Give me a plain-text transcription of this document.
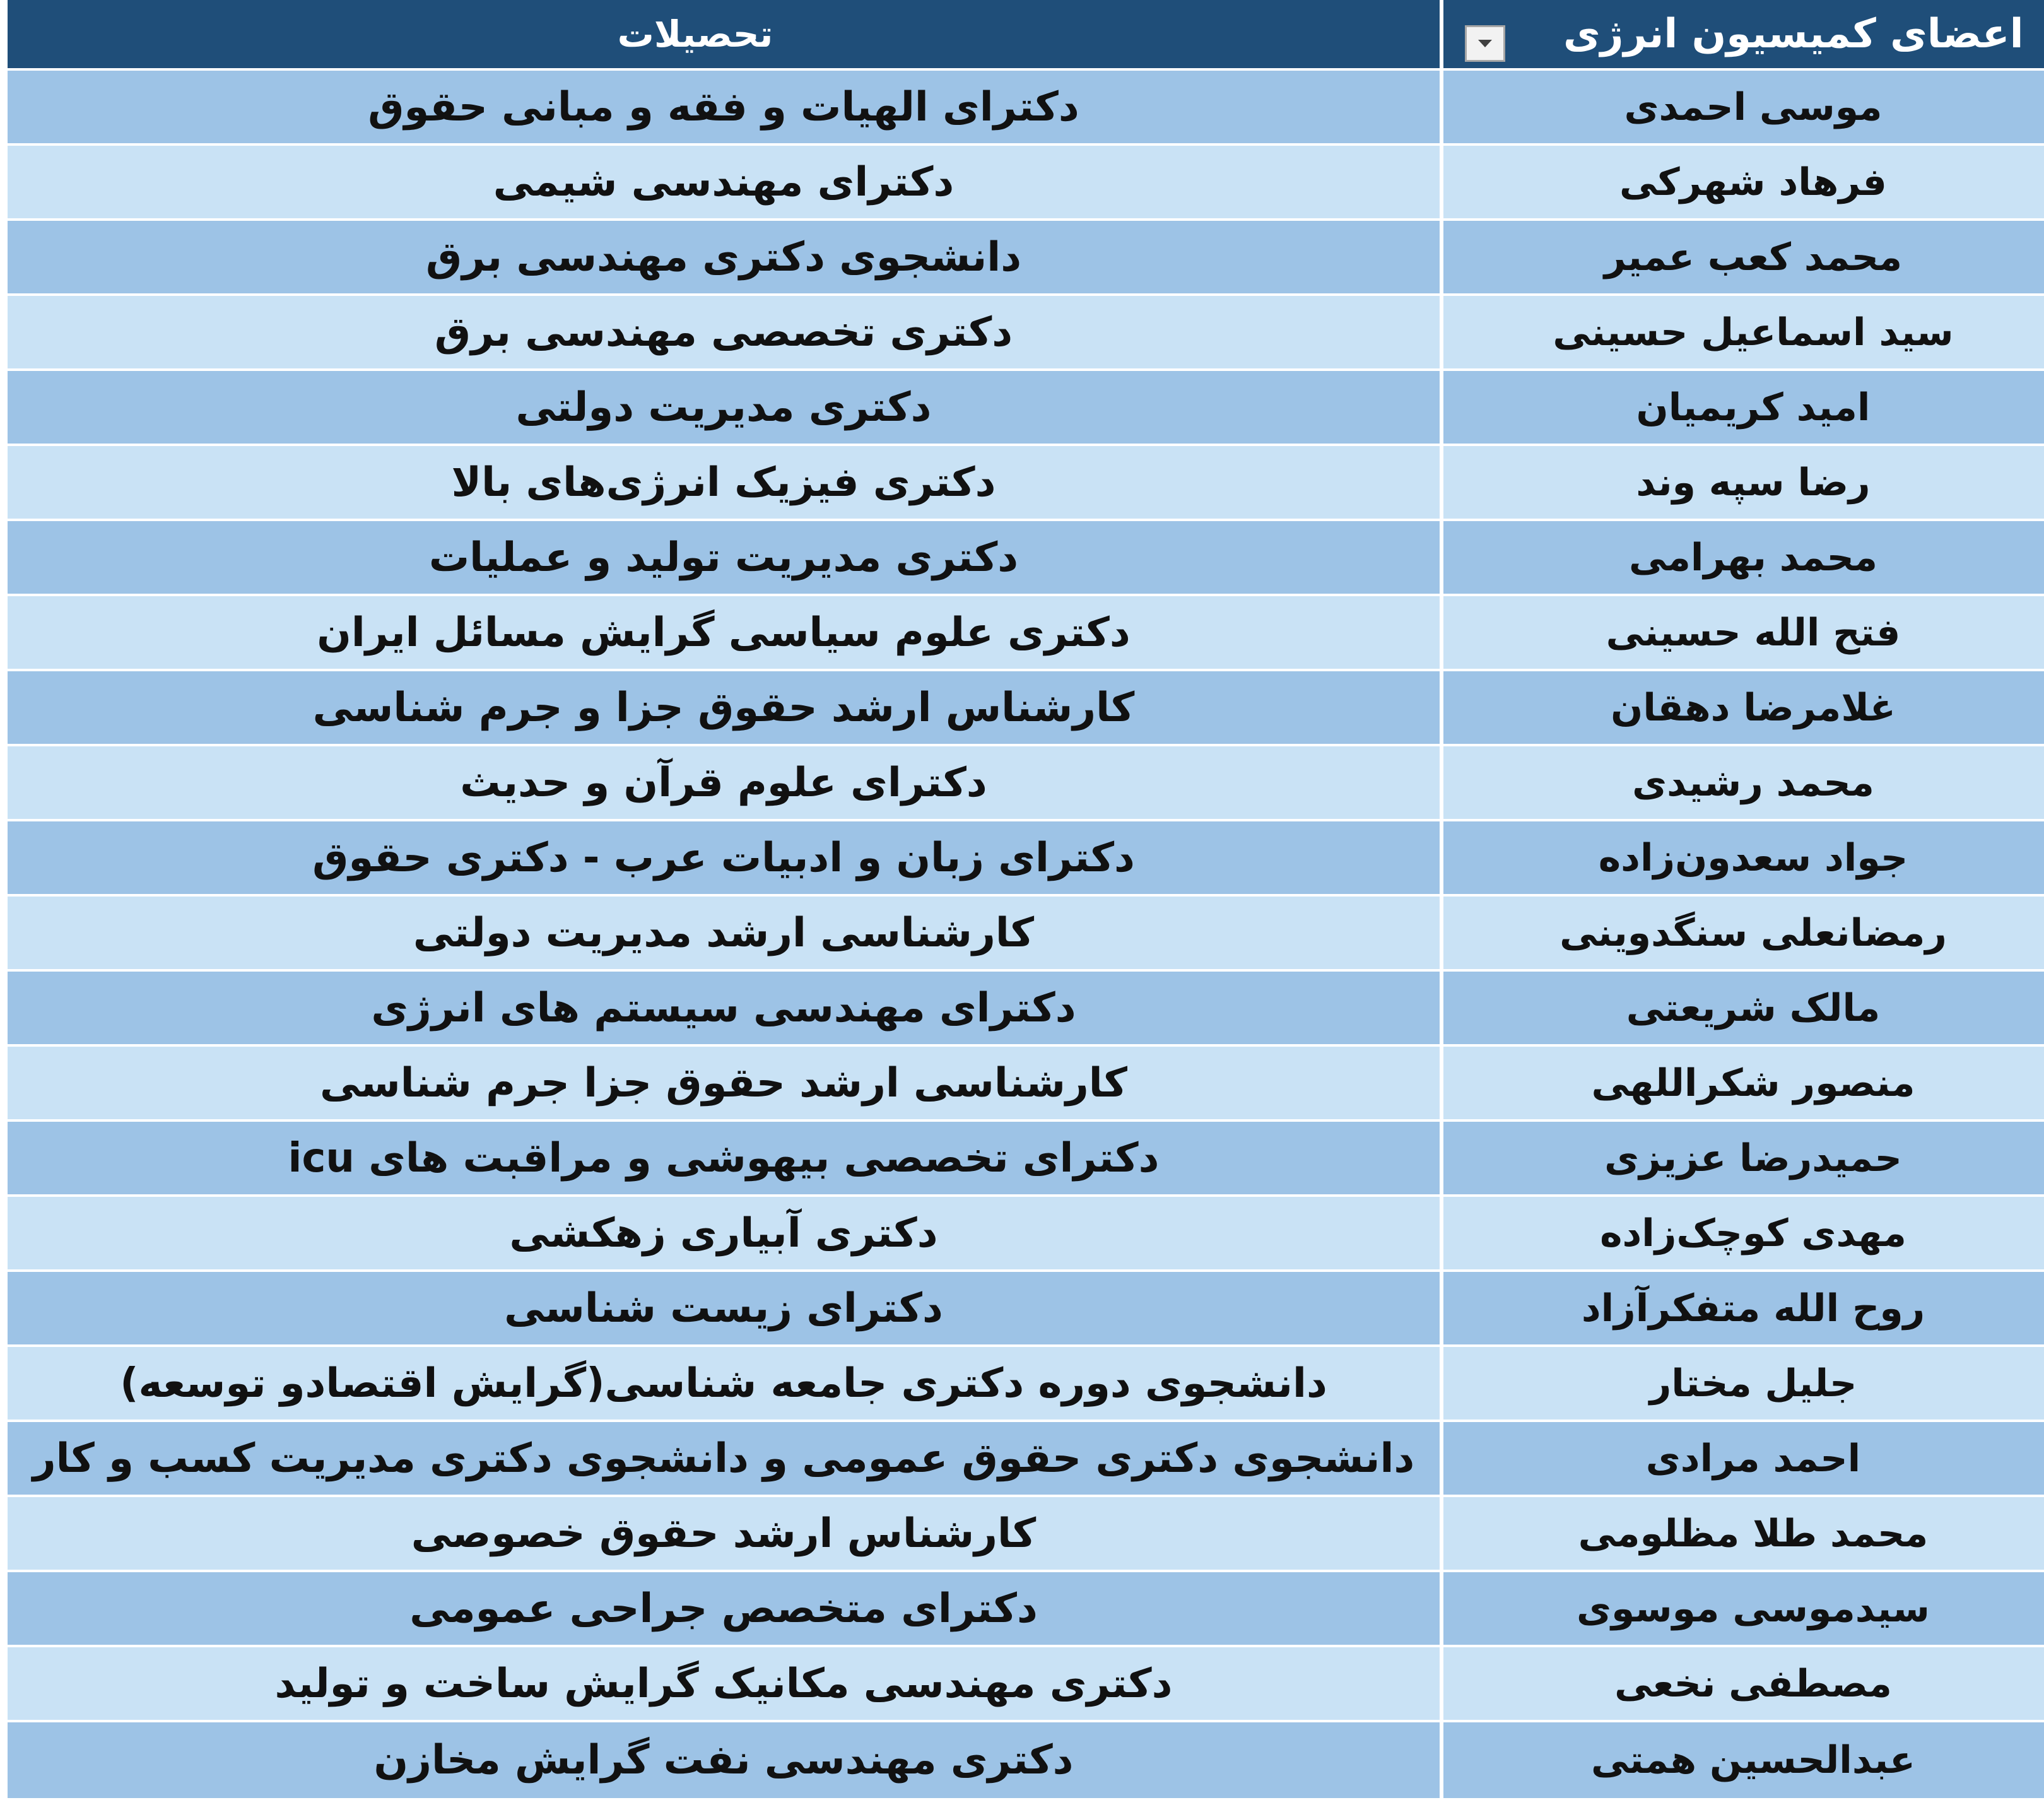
اعضای کمیسیون انرژی
تحصیلات
موسی احمدی
دکترای الهیات و فقه و مبانی حقوق
فرهاد شهرکی
دکترای مهندسی شیمی
محمد کعب عمیر
دانشجوی دکتری مهندسی برق
سید اسماعیل حسینی
دکتری تخصصی مهندسی برق
امید کریمیان
دکتری مدیریت دولتی
رضا سپه وند
دکتری فیزیک انرژی‌های بالا
محمد بهرامی
دکتری مدیریت تولید و عملیات
فتح الله حسینی
دکتری علوم سیاسی گرایش مسائل ایران
غلامرضا دهقان
کارشناس ارشد حقوق جزا و جرم شناسی
محمد رشیدی
دکترای علوم قرآن و حدیث
جواد سعدون‌زاده
دکترای زبان و ادبیات عرب - دکتری حقوق
رمضانعلی سنگدوینی
کارشناسی ارشد مدیریت دولتی
مالک شریعتی
دکترای مهندسی سیستم های انرژی
منصور شکراللهی
کارشناسی ارشد حقوق جزا جرم شناسی
حمیدرضا عزیزی
دکترای تخصصی بیهوشی و مراقبت های icu
مهدی کوچک‌زاده
دکتری آبیاری زهکشی
روح الله متفکرآزاد
دکترای زیست شناسی
جلیل مختار
دانشجوی دوره دکتری جامعه شناسی(گرایش اقتصادو توسعه)
احمد مرادی
دانشجوی دکتری حقوق عمومی و دانشجوی دکتری مدیریت کسب و کار
محمد طلا مظلومی
کارشناس ارشد حقوق خصوصی
سیدموسی موسوی
دکترای متخصص جراحی عمومی
مصطفی نخعی
دکتری مهندسی مکانیک گرایش ساخت و تولید
عبدالحسین همتی
دکتری مهندسی نفت گرایش مخازن
